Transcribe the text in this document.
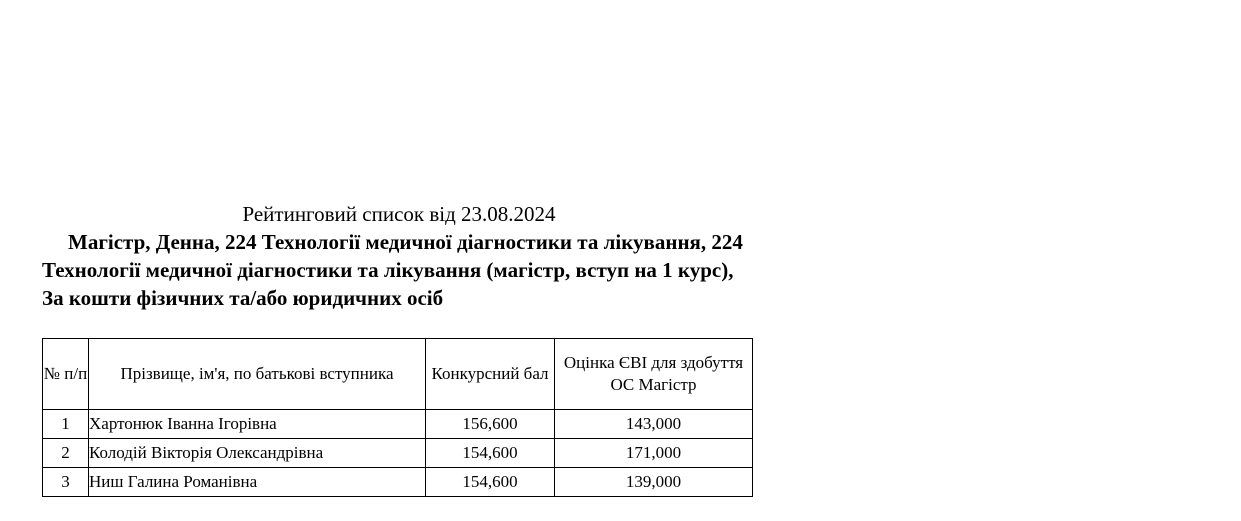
Рейтинговий список від 23.08.2024

Магістр, Денна, 224 Технології медичної діагностики та лікування, 224 Технології медичної діагностики та лікування (магістр, вступ на 1 курс), За кошти фізичних та/або юридичних осіб

№ п/п	Прізвище, ім'я, по батькові вступника	Конкурсний бал	Оцінка ЄВІ для здобуття ОС Магістр
1	Хартонюк Іванна Ігорівна	156,600	143,000
2	Колодій Вікторія Олександрівна	154,600	171,000
3	Ниш Галина Романівна	154,600	139,000
